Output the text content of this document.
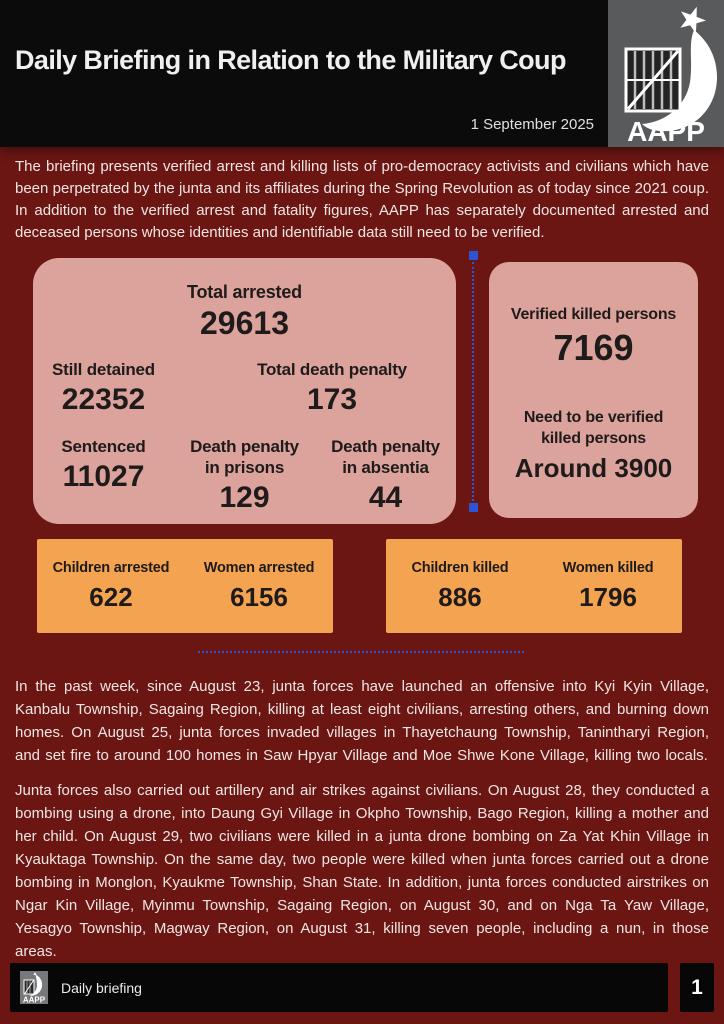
Daily Briefing in Relation to the Military Coup
1 September 2025 AAPP

The briefing presents verified arrest and killing lists of pro-democracy activists and civilians which have been perpetrated by the junta and its affiliates during the Spring Revolution as of today since 2021 coup. In addition to the verified arrest and fatality figures, AAPP has separately documented arrested and deceased persons whose identities and identifiable data still need to be verified.

Total arrested
29613
Still detained
22352
Total death penalty
173
Sentenced
11027
Death penalty
in prisons
129
Death penalty
in absentia
44
Verified killed persons
7169
Need to be verified
killed persons
Around 3900
Children arrested
622
Women arrested
6156
Children killed
886
Women killed
1796

In the past week, since August 23, junta forces have launched an offensive into Kyi Kyin Village, Kanbalu Township, Sagaing Region, killing at least eight civilians, arresting others, and burning down homes. On August 25, junta forces invaded villages in Thayetchaung Township, Tanintharyi Region, and set fire to around 100 homes in Saw Hpyar Village and Moe Shwe Kone Village, killing two locals.

Junta forces also carried out artillery and air strikes against civilians. On August 28, they conducted a bombing using a drone, into Daung Gyi Village in Okpho Township, Bago Region, killing a mother and her child. On August 29, two civilians were killed in a junta drone bombing on Za Yat Khin Village in Kyauktaga Township. On the same day, two people were killed when junta forces carried out a drone bombing in Monglon, Kyaukme Township, Shan State. In addition, junta forces conducted airstrikes on Ngar Kin Village, Myinmu Township, Sagaing Region, on August 30, and on Nga Ta Yaw Village, Yesagyo Township, Magway Region, on August 31, killing seven people, including a nun, in those areas.

AAPP
Daily briefing	1
